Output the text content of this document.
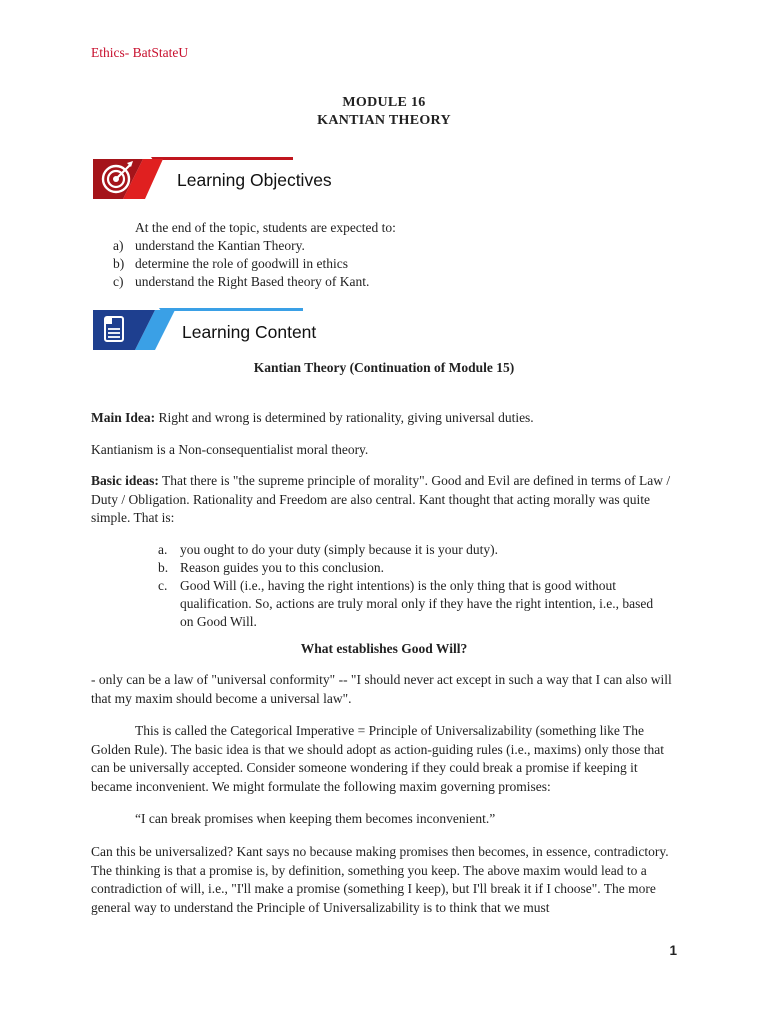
Ethics- BatStateU
MODULE 16
KANTIAN THEORY
Learning Objectives
At the end of the topic, students are expected to:
a) understand the Kantian Theory.
b) determine the role of goodwill in ethics
c) understand the Right Based theory of Kant.
Learning Content
Kantian Theory (Continuation of Module 15)
Main Idea: Right and wrong is determined by rationality, giving universal duties.
Kantianism is a Non-consequentialist moral theory.
Basic ideas: That there is "the supreme principle of morality". Good and Evil are defined in terms of Law / Duty / Obligation. Rationality and Freedom are also central. Kant thought that acting morally was quite simple. That is:
a. you ought to do your duty (simply because it is your duty).
b. Reason guides you to this conclusion.
c. Good Will (i.e., having the right intentions) is the only thing that is good without qualification. So, actions are truly moral only if they have the right intention, i.e., based on Good Will.
What establishes Good Will?
- only can be a law of "universal conformity" -- "I should never act except in such a way that I can also will that my maxim should become a universal law".
This is called the Categorical Imperative = Principle of Universalizability (something like The Golden Rule). The basic idea is that we should adopt as action-guiding rules (i.e., maxims) only those that can be universally accepted. Consider someone wondering if they could break a promise if keeping it became inconvenient. We might formulate the following maxim governing promises:
“I can break promises when keeping them becomes inconvenient.”
Can this be universalized? Kant says no because making promises then becomes, in essence, contradictory. The thinking is that a promise is, by definition, something you keep. The above maxim would lead to a contradiction of will, i.e., "I'll make a promise (something I keep), but I'll break it if I choose". The more general way to understand the Principle of Universalizability is to think that we must
1
